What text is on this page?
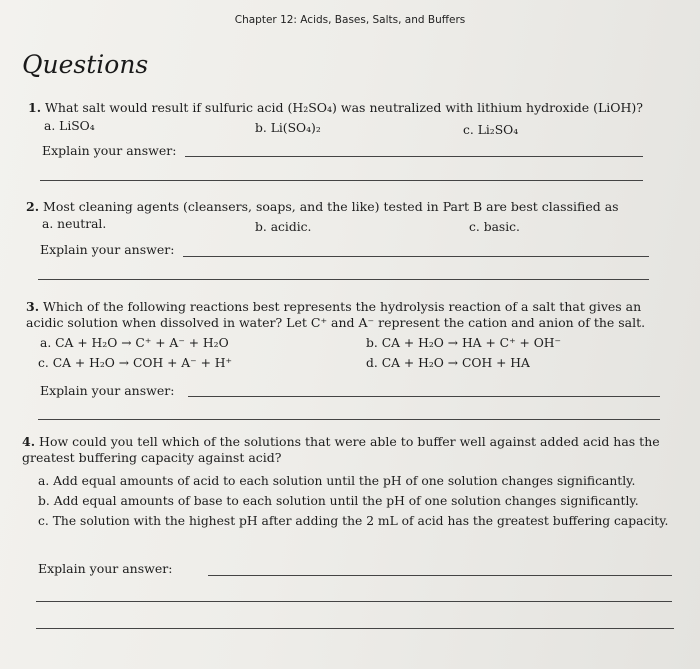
Chapter 12: Acids, Bases, Salts, and Buffers
Questions
1. What salt would result if sulfuric acid (H₂SO₄) was neutralized with lithium hydroxide (LiOH)?
a. LiSO₄	b. Li(SO₄)₂	c. Li₂SO₄
Explain your answer:
2. Most cleaning agents (cleansers, soaps, and the like) tested in Part B are best classified as
a. neutral.	b. acidic.	c. basic.
Explain your answer:
3. Which of the following reactions best represents the hydrolysis reaction of a salt that gives an acidic solution when dissolved in water? Let C⁺ and A⁻ represent the cation and anion of the salt.
a. CA + H₂O → C⁺ + A⁻ + H₂O	b. CA + H₂O → HA + C⁺ + OH⁻
c. CA + H₂O → COH + A⁻ + H⁺	d. CA + H₂O → COH + HA
Explain your answer:
4. How could you tell which of the solutions that were able to buffer well against added acid has the greatest buffering capacity against acid?
a. Add equal amounts of acid to each solution until the pH of one solution changes significantly.
b. Add equal amounts of base to each solution until the pH of one solution changes significantly.
c. The solution with the highest pH after adding the 2 mL of acid has the greatest buffering capacity.
Explain your answer:
